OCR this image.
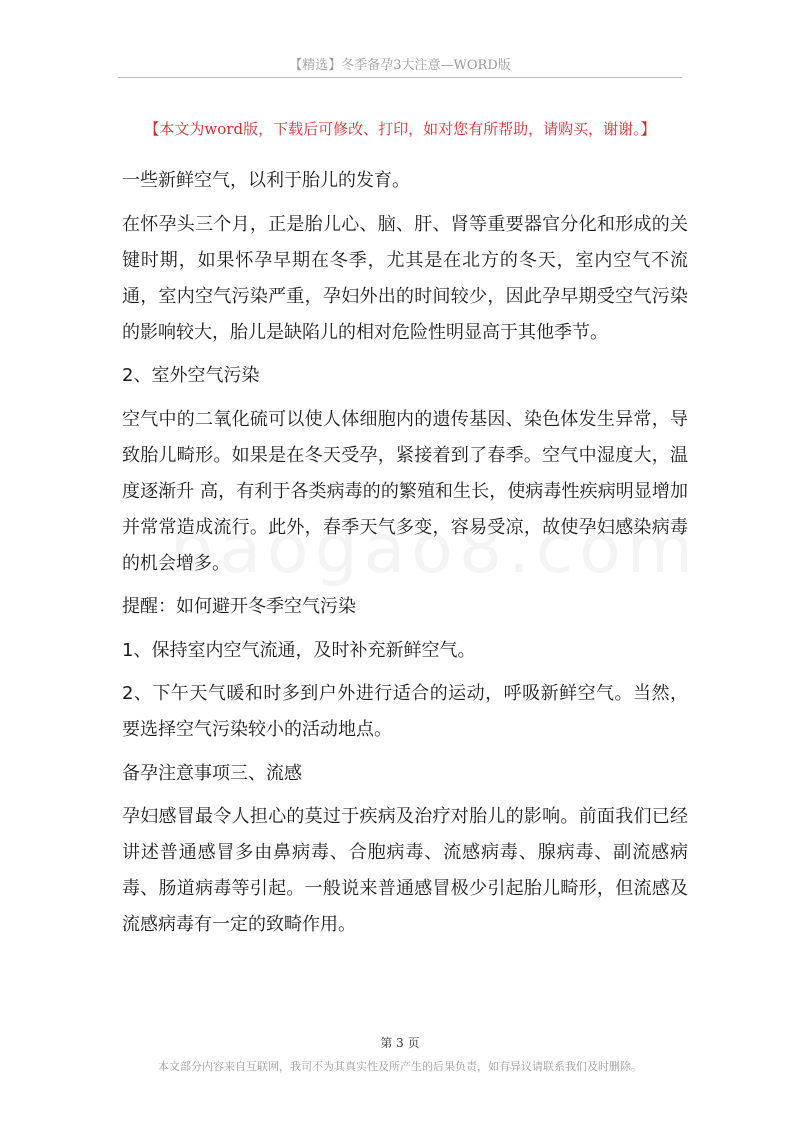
【精选】冬季备孕3大注意—WORD版
【本文为word版，下载后可修改、打印，如对您有所帮助，请购买，谢谢。】

一些新鲜空气，以利于胎儿的发育。

在怀孕头三个月，正是胎儿心、脑、肝、肾等重要器官分化和形成的关键时期，如果怀孕早期在冬季，尤其是在北方的冬天，室内空气不流通，室内空气污染严重，孕妇外出的时间较少，因此孕早期受空气污染的影响较大，胎儿是缺陷儿的相对危险性明显高于其他季节。

2、室外空气污染

空气中的二氧化硫可以使人体细胞内的遗传基因、染色体发生异常，导致胎儿畸形。如果是在冬天受孕，紧接着到了春季。空气中湿度大，温度逐渐升 高，有利于各类病毒的的繁殖和生长，使病毒性疾病明显增加并常常造成流行。此外，春季天气多变，容易受凉，故使孕妇感染病毒的机会增多。

提醒：如何避开冬季空气污染

1、保持室内空气流通，及时补充新鲜空气。

2、下午天气暖和时多到户外进行适合的运动，呼吸新鲜空气。当然，要选择空气污染较小的活动地点。

备孕注意事项三、流感

孕妇感冒最令人担心的莫过于疾病及治疗对胎儿的影响。前面我们已经讲述普通感冒多由鼻病毒、合胞病毒、流感病毒、腺病毒、副流感病毒、肠道病毒等引起。一般说来普通感冒极少引起胎儿畸形，但流感及流感病毒有一定的致畸作用。

第 3 页
本文部分内容来自互联网，我司不为其真实性及所产生的后果负责，如有异议请联系我们及时删除。
